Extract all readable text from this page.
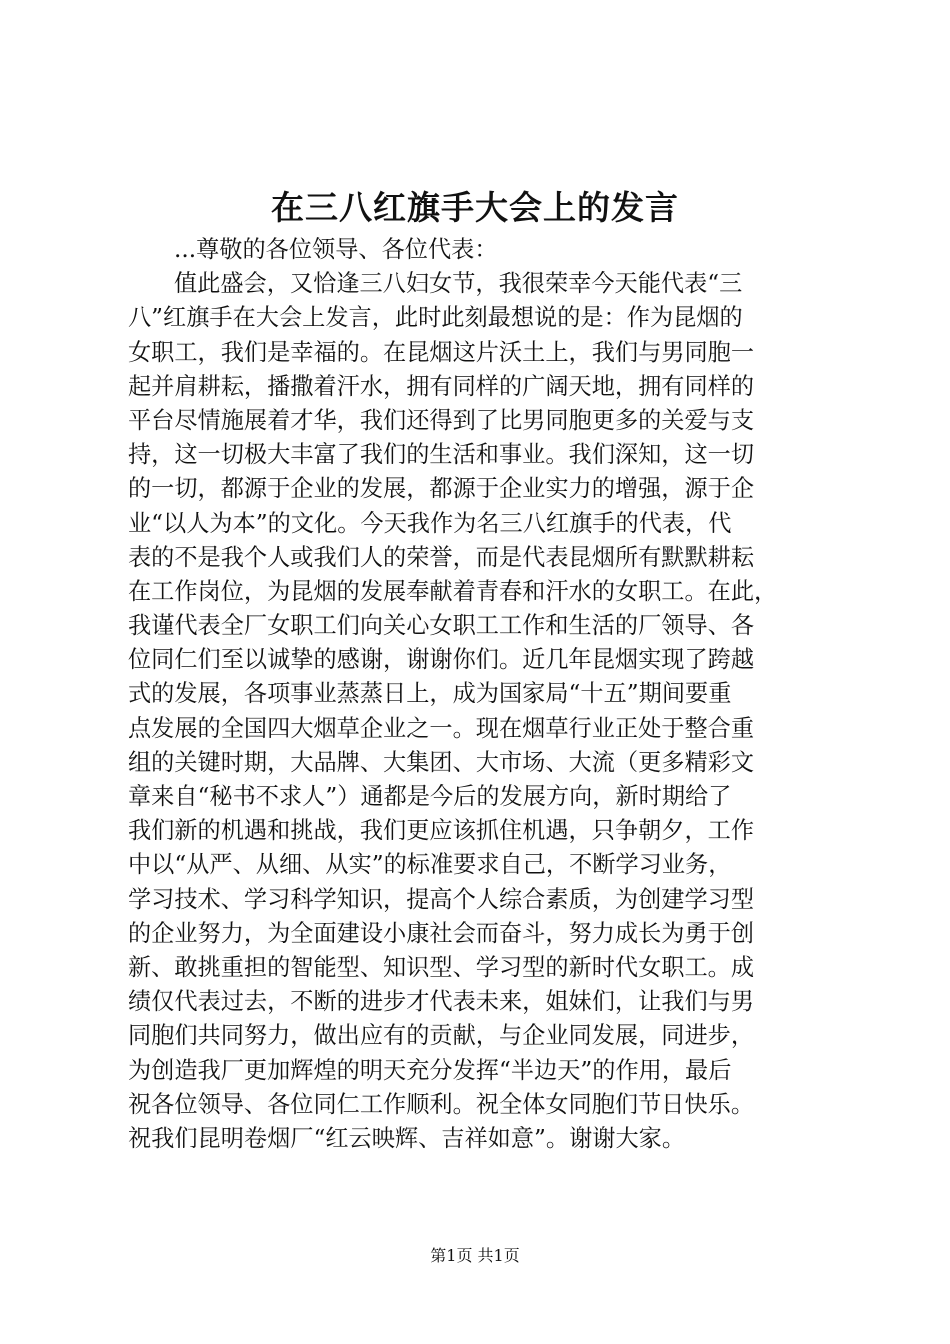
在三八红旗手大会上的发言
...尊敬的各位领导、各位代表：
值此盛会，又恰逢三八妇女节，我很荣幸今天能代表“三
八”红旗手在大会上发言，此时此刻最想说的是：作为昆烟的
女职工，我们是幸福的。在昆烟这片沃土上，我们与男同胞一
起并肩耕耘，播撒着汗水，拥有同样的广阔天地，拥有同样的
平台尽情施展着才华，我们还得到了比男同胞更多的关爱与支
持，这一切极大丰富了我们的生活和事业。我们深知，这一切
的一切，都源于企业的发展，都源于企业实力的增强，源于企
业“以人为本”的文化。今天我作为名三八红旗手的代表，代
表的不是我个人或我们人的荣誉，而是代表昆烟所有默默耕耘
在工作岗位，为昆烟的发展奉献着青春和汗水的女职工。在此，
我谨代表全厂女职工们向关心女职工工作和生活的厂领导、各
位同仁们至以诚挚的感谢，谢谢你们。近几年昆烟实现了跨越
式的发展，各项事业蒸蒸日上，成为国家局“十五”期间要重
点发展的全国四大烟草企业之一。现在烟草行业正处于整合重
组的关键时期，大品牌、大集团、大市场、大流（更多精彩文
章来自“秘书不求人”）通都是今后的发展方向，新时期给了
我们新的机遇和挑战，我们更应该抓住机遇，只争朝夕，工作
中以“从严、从细、从实”的标准要求自己，不断学习业务，
学习技术、学习科学知识，提高个人综合素质，为创建学习型
的企业努力，为全面建设小康社会而奋斗，努力成长为勇于创
新、敢挑重担的智能型、知识型、学习型的新时代女职工。成
绩仅代表过去，不断的进步才代表未来，姐妹们，让我们与男
同胞们共同努力，做出应有的贡献，与企业同发展，同进步，
为创造我厂更加辉煌的明天充分发挥“半边天”的作用，最后
祝各位领导、各位同仁工作顺利。祝全体女同胞们节日快乐。
祝我们昆明卷烟厂“红云映辉、吉祥如意”。谢谢大家。
第1页 共1页
